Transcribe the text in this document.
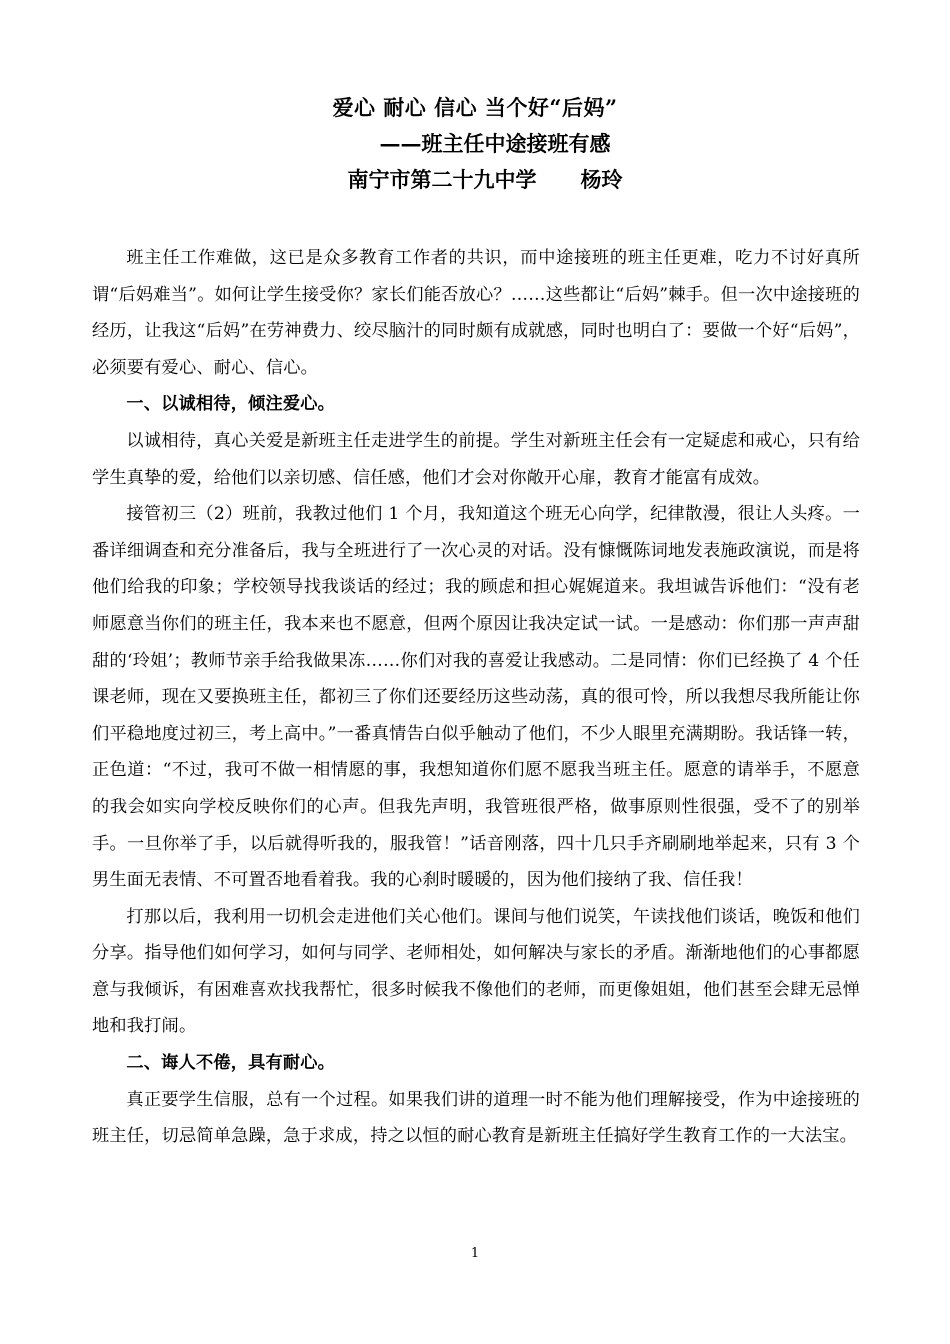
爱心 耐心 信心 当个好“后妈”
——班主任中途接班有感
南宁市第二十九中学 杨玲

班主任工作难做，这已是众多教育工作者的共识，而中途接班的班主任更难，吃力不讨好真所谓“后妈难当”。如何让学生接受你？家长们能否放心？……这些都让“后妈”棘手。但一次中途接班的经历，让我这“后妈”在劳神费力、绞尽脑汁的同时颇有成就感，同时也明白了：要做一个好“后妈”，必须要有爱心、耐心、信心。

一、以诚相待，倾注爱心。

以诚相待，真心关爱是新班主任走进学生的前提。学生对新班主任会有一定疑虑和戒心，只有给学生真挚的爱，给他们以亲切感、信任感，他们才会对你敞开心扉，教育才能富有成效。

接管初三（2）班前，我教过他们 1 个月，我知道这个班无心向学，纪律散漫，很让人头疼。一番详细调查和充分准备后，我与全班进行了一次心灵的对话。没有慷慨陈词地发表施政演说，而是将他们给我的印象；学校领导找我谈话的经过；我的顾虑和担心娓娓道来。我坦诚告诉他们：“没有老师愿意当你们的班主任，我本来也不愿意，但两个原因让我决定试一试。一是感动：你们那一声声甜甜的‘玲姐’；教师节亲手给我做果冻……你们对我的喜爱让我感动。二是同情：你们已经换了 4 个任课老师，现在又要换班主任，都初三了你们还要经历这些动荡，真的很可怜，所以我想尽我所能让你们平稳地度过初三，考上高中。”一番真情告白似乎触动了他们，不少人眼里充满期盼。我话锋一转，正色道：“不过，我可不做一相情愿的事，我想知道你们愿不愿我当班主任。愿意的请举手，不愿意的我会如实向学校反映你们的心声。但我先声明，我管班很严格，做事原则性很强，受不了的别举手。一旦你举了手，以后就得听我的，服我管！”话音刚落，四十几只手齐刷刷地举起来，只有 3 个男生面无表情、不可置否地看着我。我的心刹时暖暖的，因为他们接纳了我、信任我！

打那以后，我利用一切机会走进他们关心他们。课间与他们说笑，午读找他们谈话，晚饭和他们分享。指导他们如何学习，如何与同学、老师相处，如何解决与家长的矛盾。渐渐地他们的心事都愿意与我倾诉，有困难喜欢找我帮忙，很多时候我不像他们的老师，而更像姐姐，他们甚至会肆无忌惮地和我打闹。

二、诲人不倦，具有耐心。

真正要学生信服，总有一个过程。如果我们讲的道理一时不能为他们理解接受，作为中途接班的班主任，切忌简单急躁，急于求成，持之以恒的耐心教育是新班主任搞好学生教育工作的一大法宝。

1
